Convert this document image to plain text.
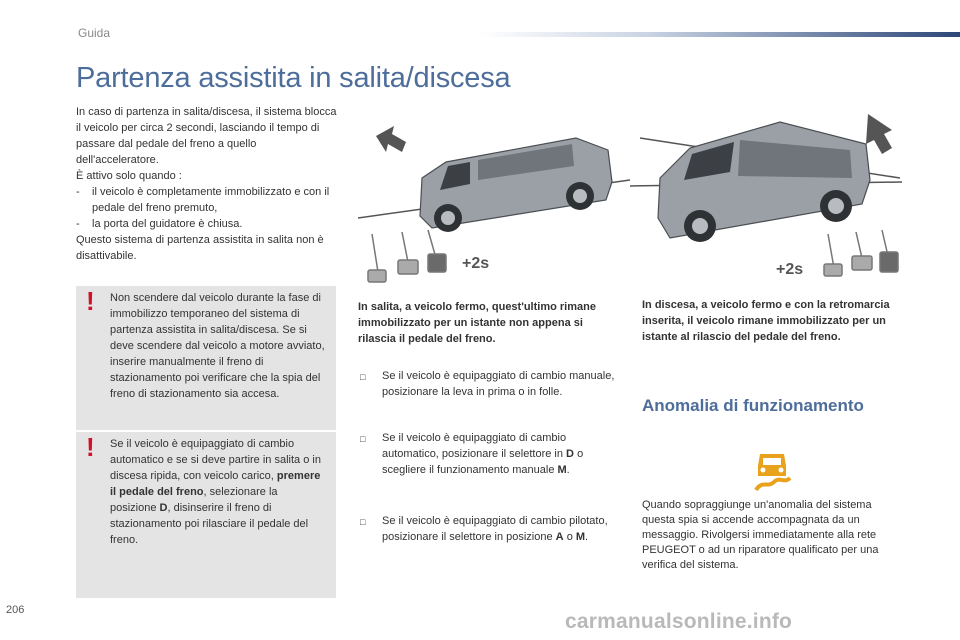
Guida
Partenza assistita in salita/discesa

In caso di partenza in salita/discesa, il sistema blocca il veicolo per circa 2 secondi, lasciando il tempo di passare dal pedale del freno a quello dell'acceleratore.

È attivo solo quando :

-	il veicolo è completamente immobilizzato e con il pedale del freno premuto,
-	la porta del guidatore è chiusa.

Questo sistema di partenza assistita in salita non è disattivabile.

! Non scendere dal veicolo durante la fase di immobilizzo temporaneo del sistema di partenza assistita in salita/discesa. Se si deve scendere dal veicolo a motore avviato, inserire manualmente il freno di stazionamento poi verificare che la spia del freno di stazionamento sia accesa.
! Se il veicolo è equipaggiato di cambio automatico e se si deve partire in salita o in discesa ripida, con veicolo carico, premere il pedale del freno, selezionare la posizione D, disinserire il freno di stazionamento poi rilasciare il pedale del freno.
+2s	+2s
In salita, a veicolo fermo, quest'ultimo rimane immobilizzato per un istante non appena si rilascia il pedale del freno.
In discesa, a veicolo fermo e con la retromarcia inserita, il veicolo rimane immobilizzato per un istante al rilascio del pedale del freno.
□	Se il veicolo è equipaggiato di cambio manuale, posizionare la leva in prima o in folle.
□	Se il veicolo è equipaggiato di cambio automatico, posizionare il selettore in D o scegliere il funzionamento manuale M.
□	Se il veicolo è equipaggiato di cambio pilotato, posizionare il selettore in posizione A o M.
Anomalia di funzionamento
Quando sopraggiunge un'anomalia del sistema questa spia si accende accompagnata da un messaggio. Rivolgersi immediatamente alla rete PEUGEOT o ad un riparatore qualificato per una verifica del sistema.
206	carmanualsonline.info
